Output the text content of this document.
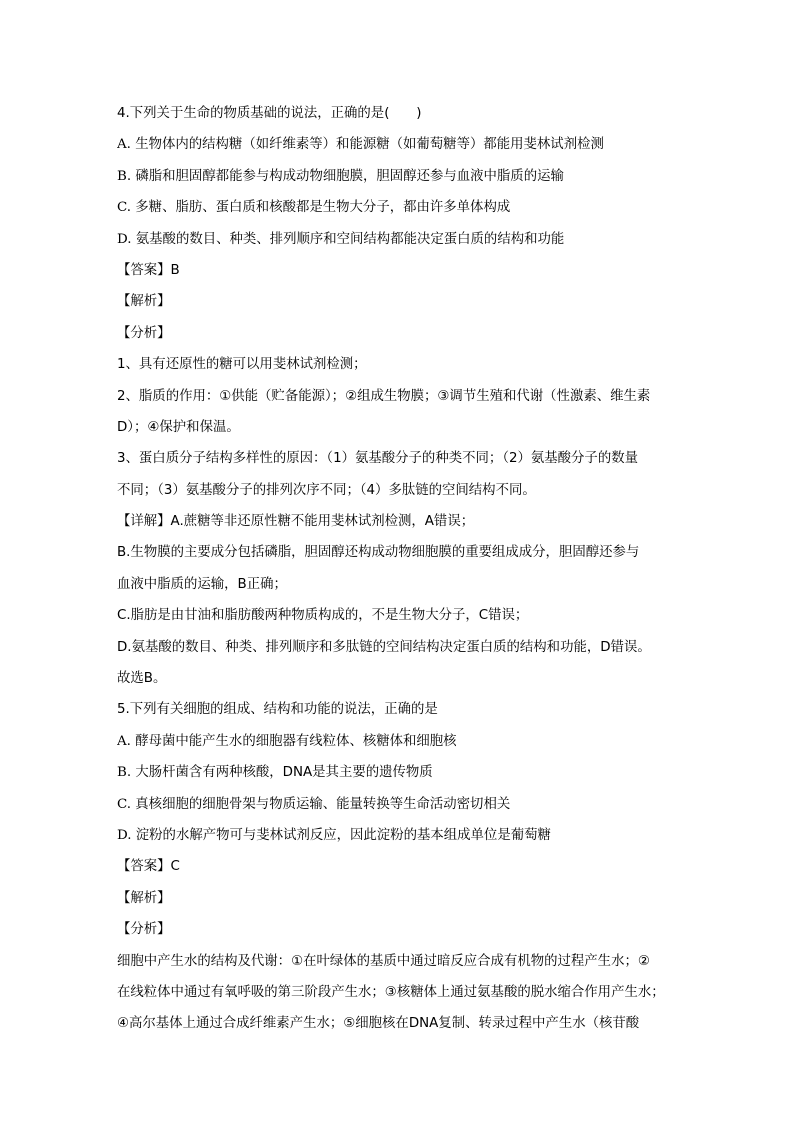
4.下列关于生命的物质基础的说法，正确的是(　　)
A. 生物体内的结构糖（如纤维素等）和能源糖（如葡萄糖等）都能用斐林试剂检测
B. 磷脂和胆固醇都能参与构成动物细胞膜，胆固醇还参与血液中脂质的运输
C. 多糖、脂肪、蛋白质和核酸都是生物大分子，都由许多单体构成
D. 氨基酸的数目、种类、排列顺序和空间结构都能决定蛋白质的结构和功能
【答案】B
【解析】
【分析】
1、具有还原性的糖可以用斐林试剂检测；
2、脂质的作用：①供能（贮备能源）；②组成生物膜；③调节生殖和代谢（性激素、维生素
D）；④保护和保温。
3、蛋白质分子结构多样性的原因：（1）氨基酸分子的种类不同；（2）氨基酸分子的数量
不同；（3）氨基酸分子的排列次序不同；（4）多肽链的空间结构不同。
【详解】A.蔗糖等非还原性糖不能用斐林试剂检测，A错误；
B.生物膜的主要成分包括磷脂，胆固醇还构成动物细胞膜的重要组成成分，胆固醇还参与
血液中脂质的运输，B正确；
C.脂肪是由甘油和脂肪酸两种物质构成的，不是生物大分子，C错误；
D.氨基酸的数目、种类、排列顺序和多肽链的空间结构决定蛋白质的结构和功能，D错误。
故选B。
5.下列有关细胞的组成、结构和功能的说法，正确的是
A. 酵母菌中能产生水的细胞器有线粒体、核糖体和细胞核
B. 大肠杆菌含有两种核酸，DNA是其主要的遗传物质
C. 真核细胞的细胞骨架与物质运输、能量转换等生命活动密切相关
D. 淀粉的水解产物可与斐林试剂反应，因此淀粉的基本组成单位是葡萄糖
【答案】C
【解析】
【分析】
细胞中产生水的结构及代谢：①在叶绿体的基质中通过暗反应合成有机物的过程产生水；②
在线粒体中通过有氧呼吸的第三阶段产生水；③核糖体上通过氨基酸的脱水缩合作用产生水；
④高尔基体上通过合成纤维素产生水；⑤细胞核在DNA复制、转录过程中产生水（核苷酸
